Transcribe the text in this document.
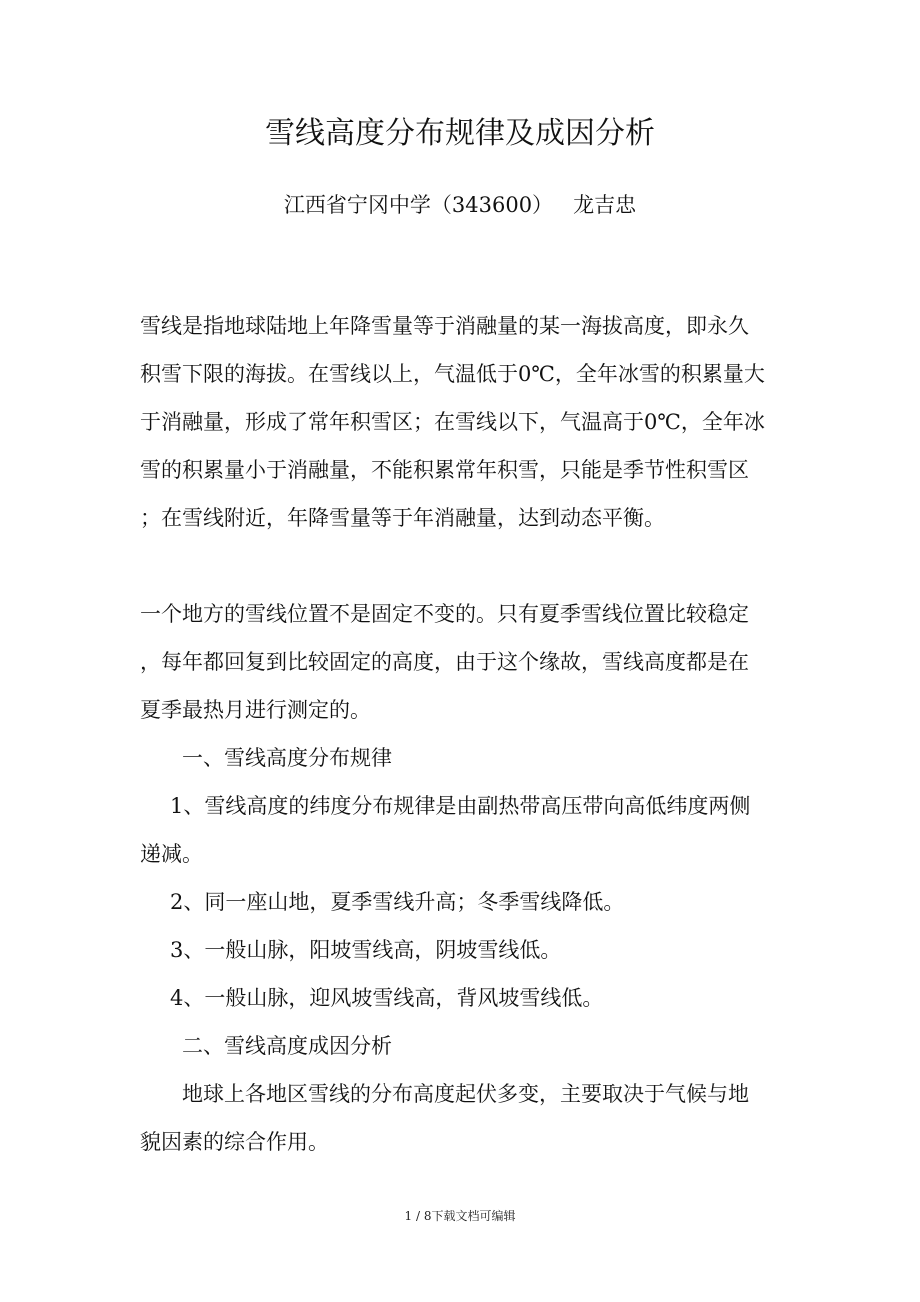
雪线高度分布规律及成因分析
江西省宁冈中学（343600）   龙吉忠
雪线是指地球陆地上年降雪量等于消融量的某一海拔高度，即永久
积雪下限的海拔。在雪线以上，气温低于0℃，全年冰雪的积累量大
于消融量，形成了常年积雪区；在雪线以下，气温高于0℃，全年冰
雪的积累量小于消融量，不能积累常年积雪，只能是季节性积雪区
；在雪线附近，年降雪量等于年消融量，达到动态平衡。
一个地方的雪线位置不是固定不变的。只有夏季雪线位置比较稳定
，每年都回复到比较固定的高度，由于这个缘故，雪线高度都是在
夏季最热月进行测定的。
一、雪线高度分布规律
1、雪线高度的纬度分布规律是由副热带高压带向高低纬度两侧
递减。
2、同一座山地，夏季雪线升高；冬季雪线降低。
3、一般山脉，阳坡雪线高，阴坡雪线低。
4、一般山脉，迎风坡雪线高，背风坡雪线低。
二、雪线高度成因分析
地球上各地区雪线的分布高度起伏多变，主要取决于气候与地
貌因素的综合作用。
1 / 8下载文档可编辑
